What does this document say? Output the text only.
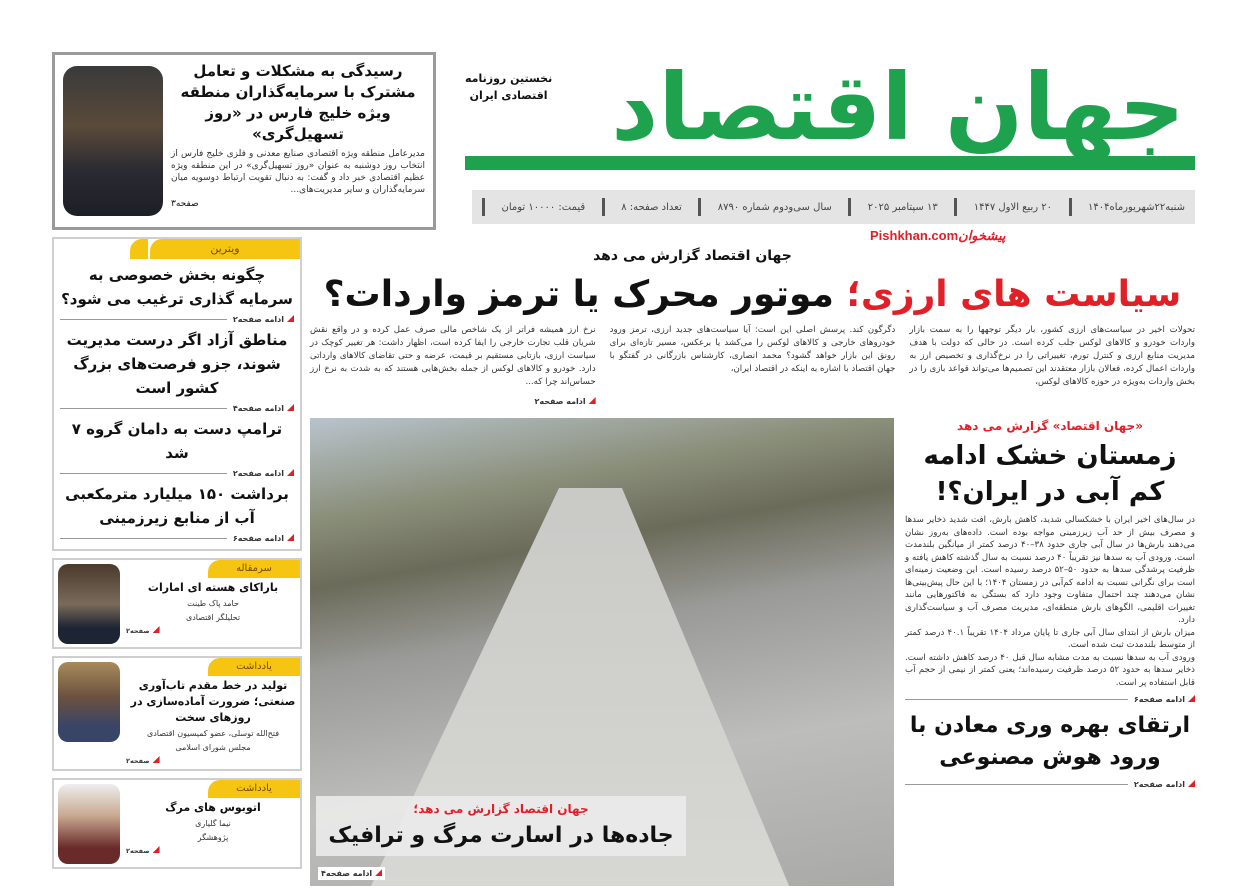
رسیدگی به مشکلات و تعامل مشترک با سرمایه‌گذاران منطقه ویژه خلیج فارس در «روز تسهیل‌گری»

مدیرعامل منطقه ویژه اقتصادی صنایع معدنی و فلزی خلیج فارس از انتخاب روز دوشنبه به عنوان «روز تسهیل‌گری» در این منطقه ویژه عظیم اقتصادی خبر داد و گفت: به دنبال تقویت ارتباط دوسویه میان سرمایه‌گذاران و سایر مدیریت‌های...

صفحه۳
جهان اقتصاد
نخستین روزنامه
اقتصادی ایران
شنبه۲۲شهریورماه۱۴۰۴
۲۰ ربیع الاول ۱۴۴۷
۱۳ سپتامبر ۲۰۲۵
سال سی‌ودوم شماره ۸۷۹۰
تعداد صفحه: ۸
قیمت: ۱۰۰۰۰ تومان
Pishkhan.comپیشخوان
جهان اقتصاد گزارش می دهد
سیاست های ارزی؛ موتور محرک یا ترمز واردات؟

تحولات اخیر در سیاست‌های ارزی کشور، بار دیگر توجهها را به سمت بازار واردات خودرو و کالاهای لوکس جلب کرده است. در حالی که دولت با هدف مدیریت منابع ارزی و کنترل تورم، تغییراتی را در نرخ‌گذاری و تخصیص ارز به واردات اعمال کرده، فعالان بازار معتقدند این تصمیم‌ها می‌تواند قواعد بازی را در بخش واردات به‌ویژه در حوزه کالاهای لوکس،

دگرگون کند. پرسش اصلی این است: آیا سیاست‌های جدید ارزی، ترمز ورود خودروهای خارجی و کالاهای لوکس را می‌کشد یا برعکس، مسیر تازه‌ای برای رونق این بازار خواهد گشود؟ محمد انصاری، کارشناس بازرگانی در گفتگو با جهان اقتصاد با اشاره به اینکه در اقتصاد ایران،

نرخ ارز همیشه فراتر از یک شاخص مالی صرف عمل کرده و در واقع نقش شریان قلب تجارت خارجی را ایفا کرده است، اظهار داشت: هر تغییر کوچک در سیاست ارزی، بازتابی مستقیم بر قیمت، عرضه و حتی تقاضای کالاهای وارداتی دارد. خودرو و کالاهای لوکس از جمله بخش‌هایی هستند که به شدت به نرخ ارز حساس‌اند چرا که...

ادامه صفحه۲
«جهان اقتصاد» گزارش می دهد
زمستان خشک ادامه کم آبی در ایران؟!

در سال‌های اخیر ایران با خشکسالی شدید، کاهش بارش، افت شدید ذخایر سدها و مصرف بیش از حد آب زیرزمینی مواجه بوده است. داده‌های به‌روز نشان می‌دهند بارش‌ها در سال آبی جاری حدود ۳۸–۴۰ درصد کمتر از میانگین بلندمدت است. ورودی آب به سدها نیز تقریباً ۴۰ درصد نسبت به سال گذشته کاهش یافته و ظرفیت پرشدگی سدها به حدود ۵۰–۵۲ درصد رسیده است. این وضعیت زمینه‌ای است برای نگرانی نسبت به ادامه کم‌آبی در زمستان ۱۴۰۴؛ با این حال پیش‌بینی‌ها نشان می‌دهند چند احتمال متفاوت وجود دارد که بستگی به فاکتورهایی مانند تغییرات اقلیمی، الگوهای بارش منطقه‌ای، مدیریت مصرف آب و سیاست‌گذاری دارد.

میزان بارش از ابتدای سال آبی جاری تا پایان مرداد ۱۴۰۴ تقریباً ۴۰.۱ درصد کمتر از متوسط بلندمدت ثبت شده است.

ورودی آب به سدها نسبت به مدت مشابه سال قبل ۴۰ درصد کاهش داشته است. ذخایر سدها به حدود ۵۲ درصد ظرفیت رسیده‌اند؛ یعنی کمتر از نیمی از حجم آب قابل استفاده پر است.

ادامه صفحه۶
ارتقای بهره وری معادن با ورود هوش مصنوعی
ادامه صفحه۲
جهان اقتصاد گزارش می دهد؛
جاده‌ها در اسارت مرگ و ترافیک
ادامه صفحه۴
ویترین
چگونه بخش خصوصی به سرمایه گذاری ترغیب می شود؟
ادامه صفحه۲
مناطق آزاد اگر درست مدیریت شوند، جزو فرصت‌های بزرگ کشور است
ادامه صفحه۴
ترامپ دست به دامان گروه ۷ شد
ادامه صفحه۲
برداشت ۱۵۰ میلیارد مترمکعبی آب از منابع زیرزمینی
ادامه صفحه۶
سرمقاله
باراکای هسته ای امارات
حامد پاک طینت
تحلیلگر اقتصادی
صفحه۲
یادداشت
تولید در خط مقدم تاب‌آوری صنعتی؛ ضرورت آماده‌سازی در روزهای سخت
فتح‌الله توسلی، عضو کمیسیون اقتصادی
مجلس شورای اسلامی
صفحه۲
یادداشت
اتوبوس های مرگ
نیما گلیاری
پژوهشگر
صفحه۲
